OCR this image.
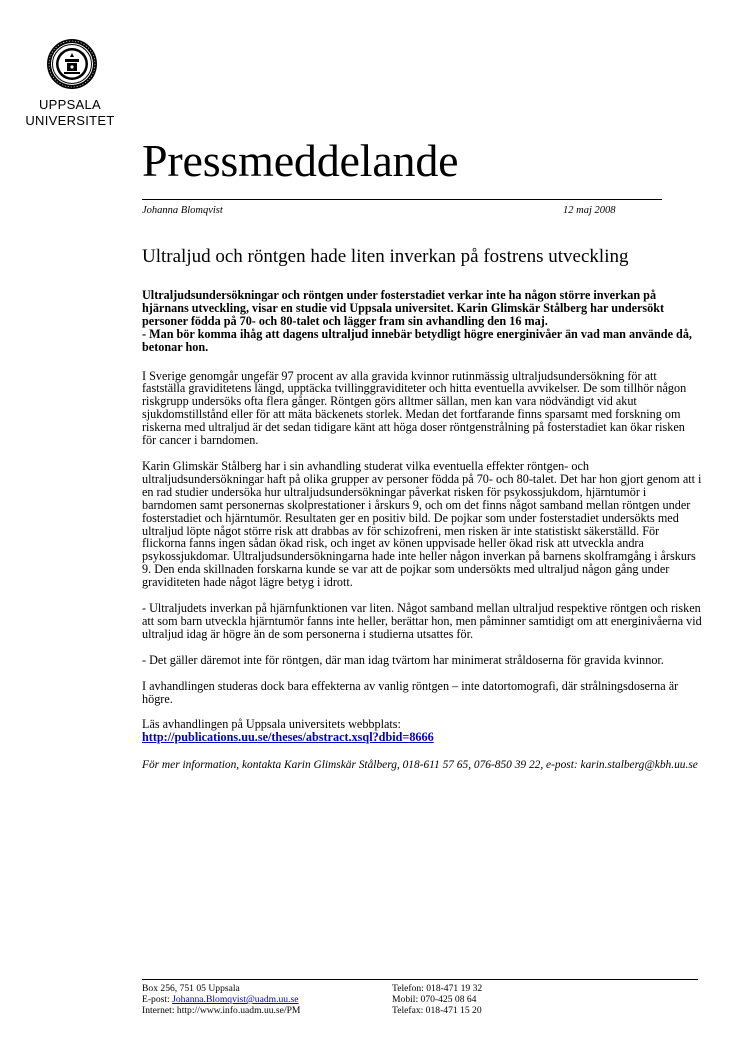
UPPSALA
UNIVERSITET
Pressmeddelande
Johanna Blomqvist	12 maj 2008
Ultraljud och röntgen hade liten inverkan på fostrens utveckling

Ultraljudsundersökningar och röntgen under fosterstadiet verkar inte ha någon större inverkan på hjärnans utveckling, visar en studie vid Uppsala universitet. Karin Glimskär Stålberg har undersökt personer födda på 70- och 80-talet och lägger fram sin avhandling den 16 maj.
- Man bör komma ihåg att dagens ultraljud innebär betydligt högre energinivåer än vad man använde då, betonar hon.

I Sverige genomgår ungefär 97 procent av alla gravida kvinnor rutinmässig ultraljudsundersökning för att fastställa graviditetens längd, upptäcka tvillinggraviditeter och hitta eventuella avvikelser. De som tillhör någon riskgrupp undersöks ofta flera gånger. Röntgen görs alltmer sällan, men kan vara nödvändigt vid akut sjukdomstillstånd eller för att mäta bäckenets storlek. Medan det fortfarande finns sparsamt med forskning om riskerna med ultraljud är det sedan tidigare känt att höga doser röntgenstrålning på fosterstadiet kan ökar risken för cancer i barndomen.

Karin Glimskär Stålberg har i sin avhandling studerat vilka eventuella effekter röntgen- och ultraljudsundersökningar haft på olika grupper av personer födda på 70- och 80-talet. Det har hon gjort genom att i en rad studier undersöka hur ultraljudsundersökningar påverkat risken för psykossjukdom, hjärntumör i barndomen samt personernas skolprestationer i årskurs 9, och om det finns något samband mellan röntgen under fosterstadiet och hjärntumör. Resultaten ger en positiv bild. De pojkar som under fosterstadiet undersökts med ultraljud löpte något större risk att drabbas av för schizofreni, men risken är inte statistiskt säkerställd. För flickorna fanns ingen sådan ökad risk, och inget av könen uppvisade heller ökad risk att utveckla andra psykossjukdomar. Ultraljudsundersökningarna hade inte heller någon inverkan på barnens skolframgång i årskurs 9. Den enda skillnaden forskarna kunde se var att de pojkar som undersökts med ultraljud någon gång under graviditeten hade något lägre betyg i idrott.

- Ultraljudets inverkan på hjärnfunktionen var liten. Något samband mellan ultraljud respektive röntgen och risken att som barn utveckla hjärntumör fanns inte heller, berättar hon, men påminner samtidigt om att energinivåerna vid ultraljud idag är högre än de som personerna i studierna utsattes för.

- Det gäller däremot inte för röntgen, där man idag tvärtom har minimerat stråldoserna för gravida kvinnor.

I avhandlingen studeras dock bara effekterna av vanlig röntgen – inte datortomografi, där strålningsdoserna är högre.

Läs avhandlingen på Uppsala universitets webbplats:
http://publications.uu.se/theses/abstract.xsql?dbid=8666

För mer information, kontakta Karin Glimskär Stålberg, 018-611 57 65, 076-850 39 22, e-post: karin.stalberg@kbh.uu.se

Box 256, 751 05 Uppsala
E-post: Johanna.Blomqvist@uadm.uu.se
Internet: http://www.info.uadm.uu.se/PM
Telefon: 018-471 19 32
Mobil: 070-425 08 64
Telefax: 018-471 15 20
